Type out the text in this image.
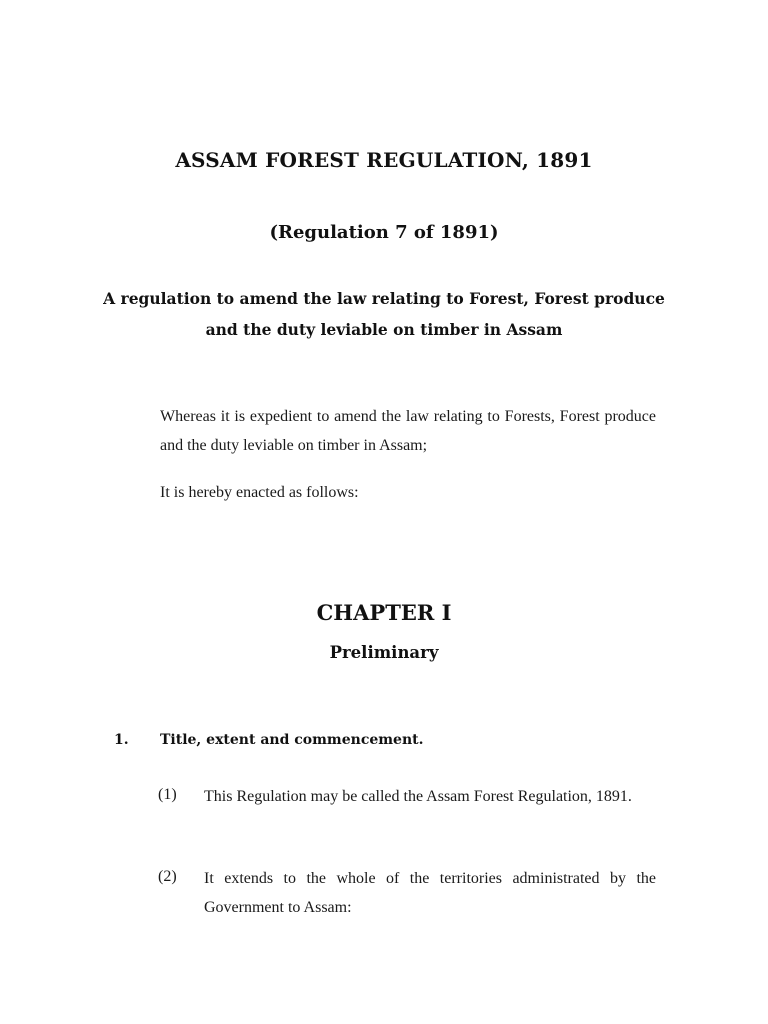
ASSAM FOREST REGULATION, 1891
(Regulation 7 of 1891)
A regulation to amend the law relating to Forest, Forest produce and the duty leviable on timber in Assam
Whereas it is expedient to amend the law relating to Forests, Forest produce and the duty leviable on timber in Assam;
It is hereby enacted as follows:
CHAPTER I
Preliminary
1. Title, extent and commencement.
(1) This Regulation may be called the Assam Forest Regulation, 1891.
(2) It extends to the whole of the territories administrated by the Government to Assam:
